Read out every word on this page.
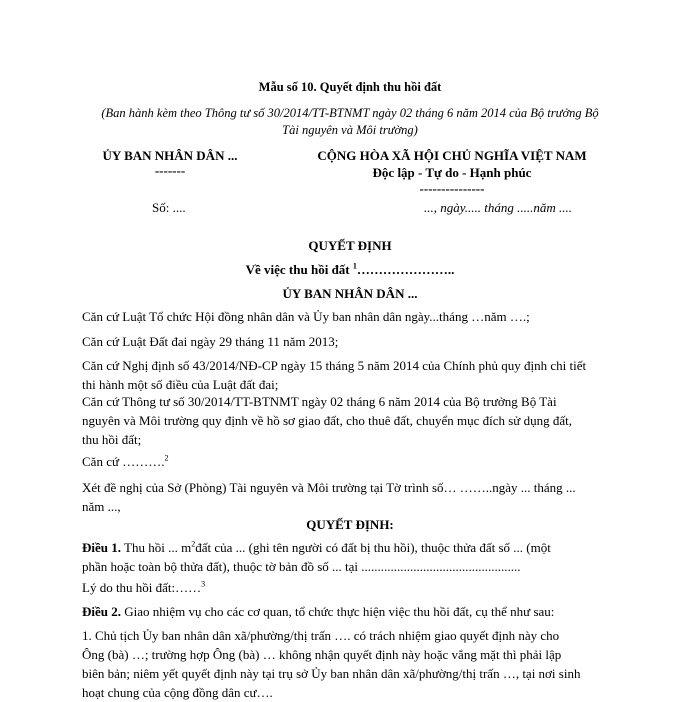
Mẫu số 10. Quyết định thu hồi đất
(Ban hành kèm theo Thông tư số 30/2014/TT-BTNMT ngày 02 tháng 6 năm 2014 của Bộ trưởng Bộ
Tài nguyên và Môi trường)
ỦY BAN NHÂN DÂN ...
-------
Số: ....
CỘNG HÒA XÃ HỘI CHỦ NGHĨA VIỆT NAM
Độc lập - Tự do - Hạnh phúc
---------------
..., ngày..... tháng .....năm ....
QUYẾT ĐỊNH
Về việc thu hồi đất $^1$…………………..
ỦY BAN NHÂN DÂN ...
Căn cứ Luật Tổ chức Hội đồng nhân dân và Ủy ban nhân dân ngày...tháng …năm ….;
Căn cứ Luật Đất đai ngày 29 tháng 11 năm 2013;

Căn cứ Nghị định số 43/2014/NĐ-CP ngày 15 tháng 5 năm 2014 của Chính phủ quy định chi tiết

thi hành một số điều của Luật đất đai;

Căn cứ Thông tư số 30/2014/TT-BTNMT ngày 02 tháng 6 năm 2014 của Bộ trưởng Bộ Tài

nguyên và Môi trường quy định về hồ sơ giao đất, cho thuê đất, chuyển mục đích sử dụng đất,

thu hồi đất;

Căn cứ ……….$^2$

Xét đề nghị của Sở (Phòng) Tài nguyên và Môi trường tại Tờ trình số… ……..ngày ... tháng ...

năm ...,

QUYẾT ĐỊNH:

Điều 1. Thu hồi ... $m^2đất$ của ... (ghi tên người có đất bị thu hồi), thuộc thửa đất số ... (một

phần hoặc toàn bộ thửa đất), thuộc tờ bản đồ số ... tại .................................................

Lý do thu hồi đất:……$^3$
Điều 2. Giao nhiệm vụ cho các cơ quan, tổ chức thực hiện việc thu hồi đất, cụ thể như sau:

1. Chủ tịch Ủy ban nhân dân xã/phường/thị trấn …. có trách nhiệm giao quyết định này cho

Ông (bà) …; trường hợp Ông (bà) … không nhận quyết định này hoặc vắng mặt thì phải lập

biên bản; niêm yết quyết định này tại trụ sở Ủy ban nhân dân xã/phường/thị trấn …, tại nơi sinh

hoạt chung của cộng đồng dân cư….
